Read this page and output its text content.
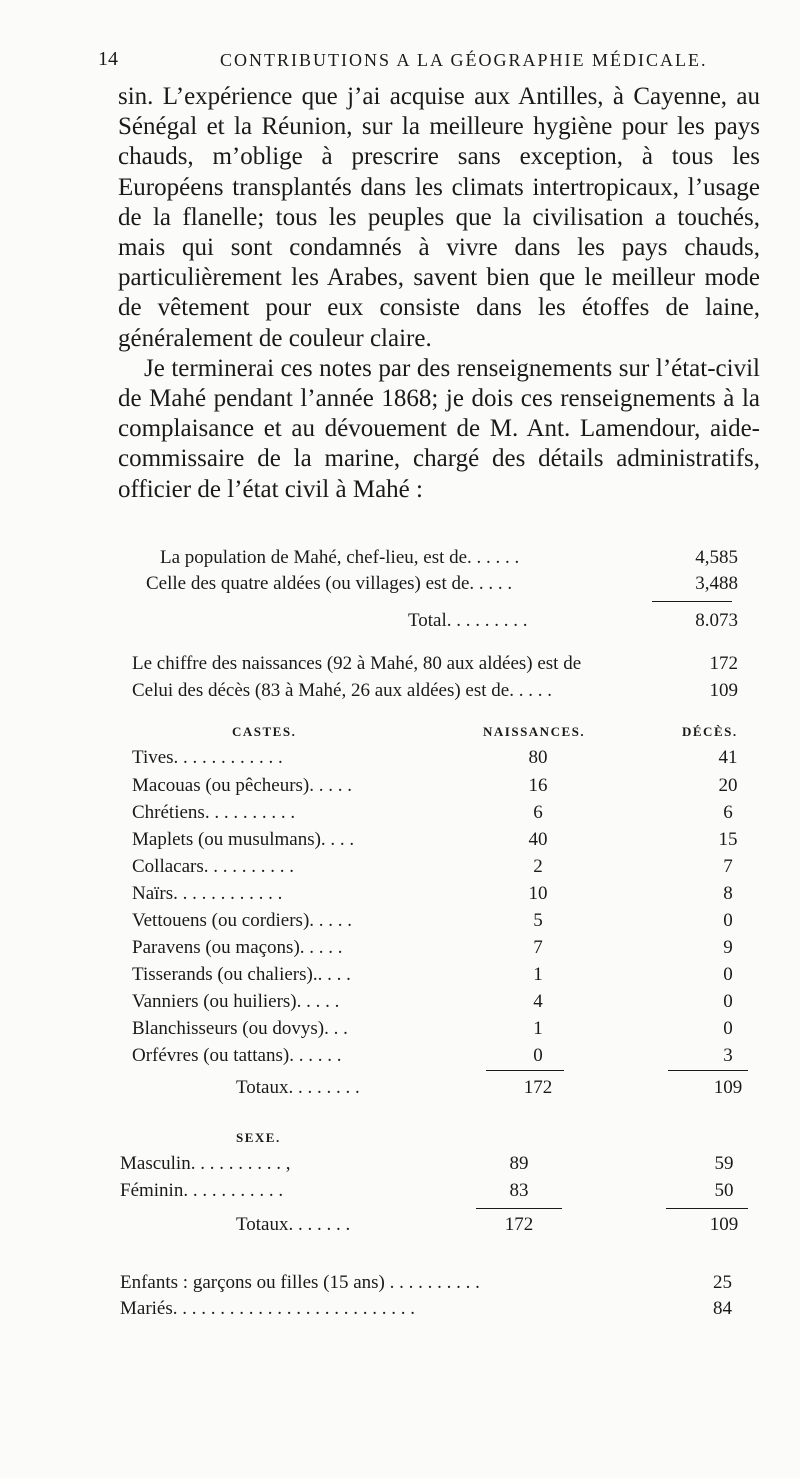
14	CONTRIBUTIONS A LA GÉOGRAPHIE MÉDICALE.

sin. L’expérience que j’ai acquise aux Antilles, à Cayenne, au Sénégal et la Réunion, sur la meilleure hygiène pour les pays chauds, m’oblige à prescrire sans exception, à tous les Européens transplantés dans les climats intertropicaux, l’usage de la flanelle; tous les peuples que la civilisation a touchés, mais qui sont condamnés à vivre dans les pays chauds, particulièrement les Arabes, savent bien que le meilleur mode de vêtement pour eux consiste dans les étoffes de laine, généralement de couleur claire.

Je terminerai ces notes par des renseignements sur l’état-civil de Mahé pendant l’année 1868; je dois ces renseignements à la complaisance et au dévouement de M. Ant. Lamendour, aide-commissaire de la marine, chargé des détails administratifs, officier de l’état civil à Mahé :

La population de Mahé, chef-lieu, est de. . . . . .	4,585
Celle des quatre aldées (ou villages) est de. . . . .	3,488
Total. . . . . . . . .	8.073
Le chiffre des naissances (92 à Mahé, 80 aux aldées) est de	172
Celui des décès (83 à Mahé, 26 aux aldées) est de. . . . .	109
CASTES.	NAISSANCES.	DÉCÈS.
Tives. . . . . . . . . . . .	80	41
Macouas (ou pêcheurs). . . . .	16	20
Chrétiens. . . . . . . . . .	6	6
Maplets (ou musulmans). . . .	40	15
Collacars. . . . . . . . . .	2	7
Naïrs. . . . . . . . . . . .	10	8
Vettouens (ou cordiers). . . . .	5	0
Paravens (ou maçons). . . . .	7	9
Tisserands (ou chaliers).. . . .	1	0
Vanniers (ou huiliers). . . . .	4	0
Blanchisseurs (ou dovys). . .	1	0
Orfévres (ou tattans). . . . . .	0	3
Totaux. . . . . . . .	172	109
SEXE.
Masculin. . . . . . . . . . ,	89	59
Féminin. . . . . . . . . . .	83	50
Totaux. . . . . . .	172	109
Enfants : garçons ou filles (15 ans) . . . . . . . . . .	25
Mariés. . . . . . . . . . . . . . . . . . . . . . . . . .	84
